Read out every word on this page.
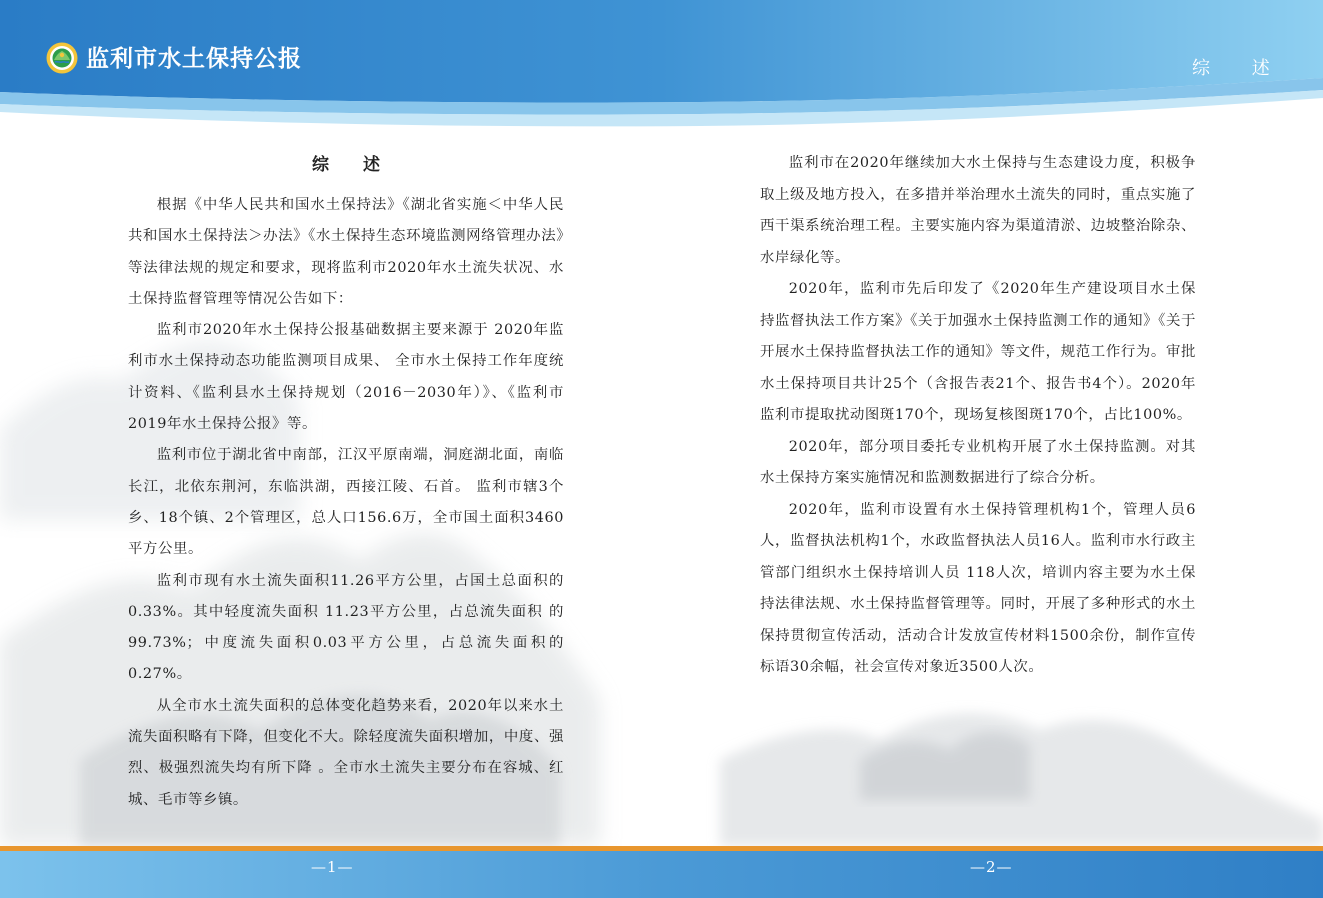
监利市水土保持公报	综 述
综 述

根据《中华人民共和国水土保持法》《湖北省实施＜中华人民共和国水土保持法＞办法》《水土保持生态环境监测网络管理办法》等法律法规的规定和要求，现将监利市2020年水土流失状况、水土保持监督管理等情况公告如下：

监利市2020年水土保持公报基础数据主要来源于 2020年监利市水土保持动态功能监测项目成果、 全市水土保持工作年度统计资料、《监利县水土保持规划（2016－2030年）》、《监利市2019年水土保持公报》等。

监利市位于湖北省中南部，江汉平原南端，洞庭湖北面，南临长江，北依东荆河，东临洪湖，西接江陵、石首。 监利市辖3个乡、18个镇、2个管理区，总人口156.6万，全市国土面积3460平方公里。

监利市现有水土流失面积11.26平方公里，占国土总面积的0.33%。其中轻度流失面积 11.23平方公里，占总流失面积 的99.73%；中度流失面积0.03平方公里，占总流失面积的0.27%。

从全市水土流失面积的总体变化趋势来看，2020年以来水土流失面积略有下降，但变化不大。除轻度流失面积增加，中度、强烈、极强烈流失均有所下降 。全市水土流失主要分布在容城、红城、毛市等乡镇。

监利市在2020年继续加大水土保持与生态建设力度，积极争取上级及地方投入，在多措并举治理水土流失的同时，重点实施了西干渠系统治理工程。主要实施内容为渠道清淤、边坡整治除杂、水岸绿化等。

2020年，监利市先后印发了《2020年生产建设项目水土保持监督执法工作方案》《关于加强水土保持监测工作的通知》《关于开展水土保持监督执法工作的通知》等文件，规范工作行为。审批水土保持项目共计25个（含报告表21个、报告书4个）。2020年监利市提取扰动图斑170个，现场复核图斑170个，占比100%。

2020年，部分项目委托专业机构开展了水土保持监测。对其水土保持方案实施情况和监测数据进行了综合分析。

2020年，监利市设置有水土保持管理机构1个，管理人员6人，监督执法机构1个，水政监督执法人员16人。监利市水行政主管部门组织水土保持培训人员 118人次，培训内容主要为水土保持法律法规、水土保持监督管理等。同时，开展了多种形式的水土保持贯彻宣传活动，活动合计发放宣传材料1500余份，制作宣传标语30余幅，社会宣传对象近3500人次。

—1—	—2—
